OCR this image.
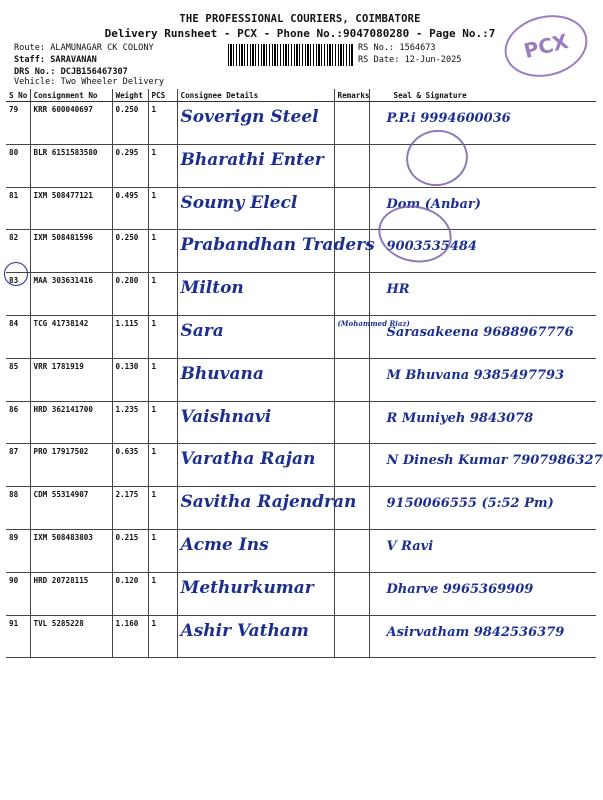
THE PROFESSIONAL COURIERS, COIMBATORE
Delivery Runsheet - PCX - Phone No.:9047080280 - Page No.:7
Route: ALAMUNAGAR CK COLONY
Staff: SARAVANAN
DRS No.: DCJB156467307
Vehicle: Two Wheeler Delivery
RS No.: 1564673
RS Date: 12-Jun-2025	PCX
S No	Consignment No	Weight	PCS	Consignee Details	Remarks	Seal & Signature
79	KRR 600040697	0.250	1	Soverign Steel		P.P.i 9994600036
80	BLR 6151583580	0.295	1	Bharathi Enter		
81	IXM 508477121	0.495	1	Soumy Elecl		Dom (Anbar)
82	IXM 508481596	0.250	1	Prabandhan Traders		9003535484
83	MAA 303631416	0.280	1	Milton		HR
84	TCG 41738142	1.115	1	Sara	(Mohammed Riaz)	Sarasakeena 9688967776
85	VRR 1781919	0.130	1	Bhuvana		M Bhuvana 9385497793
86	HRD 362141700	1.235	1	Vaishnavi		R Muniyeh 9843078
87	PRO 17917502	0.635	1	Varatha Rajan		N Dinesh Kumar 7907986327
88	CDM 55314907	2.175	1	Savitha Rajendran		9150066555 (5:52 Pm)
89	IXM 508483803	0.215	1	Acme Ins		V Ravi
90	HRD 20728115	0.120	1	Methurkumar		Dharve 9965369909
91	TVL 5285228	1.160	1	Ashir Vatham		Asirvatham 9842536379
